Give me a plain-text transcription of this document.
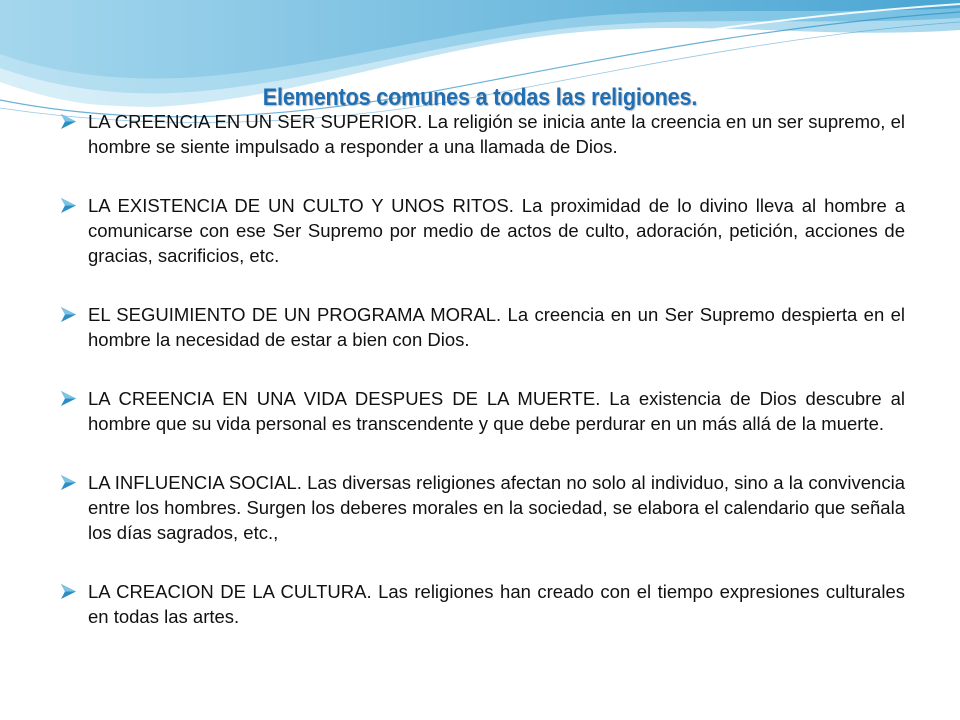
Elementos comunes a todas las religiones.
LA CREENCIA EN UN SER SUPERIOR. La religión se inicia ante la creencia en un ser supremo, el hombre se siente impulsado a responder a una llamada de Dios.
LA EXISTENCIA DE UN CULTO Y UNOS RITOS. La proximidad de lo divino lleva al hombre a comunicarse con ese Ser Supremo por medio de actos de culto, adoración, petición, acciones de gracias, sacrificios, etc.
EL SEGUIMIENTO DE UN PROGRAMA MORAL. La creencia en un Ser Supremo despierta en el hombre la necesidad de estar a bien con Dios.
LA CREENCIA EN UNA VIDA DESPUES DE LA MUERTE. La existencia de Dios descubre al hombre que su vida personal es transcendente y que debe perdurar en un más allá de la muerte.
LA INFLUENCIA SOCIAL. Las diversas religiones afectan no solo al individuo, sino a la convivencia entre los hombres. Surgen los deberes morales en la sociedad, se elabora el calendario que señala los días sagrados, etc.,
LA CREACION DE LA CULTURA. Las religiones han creado con el tiempo expresiones culturales en todas las artes.
